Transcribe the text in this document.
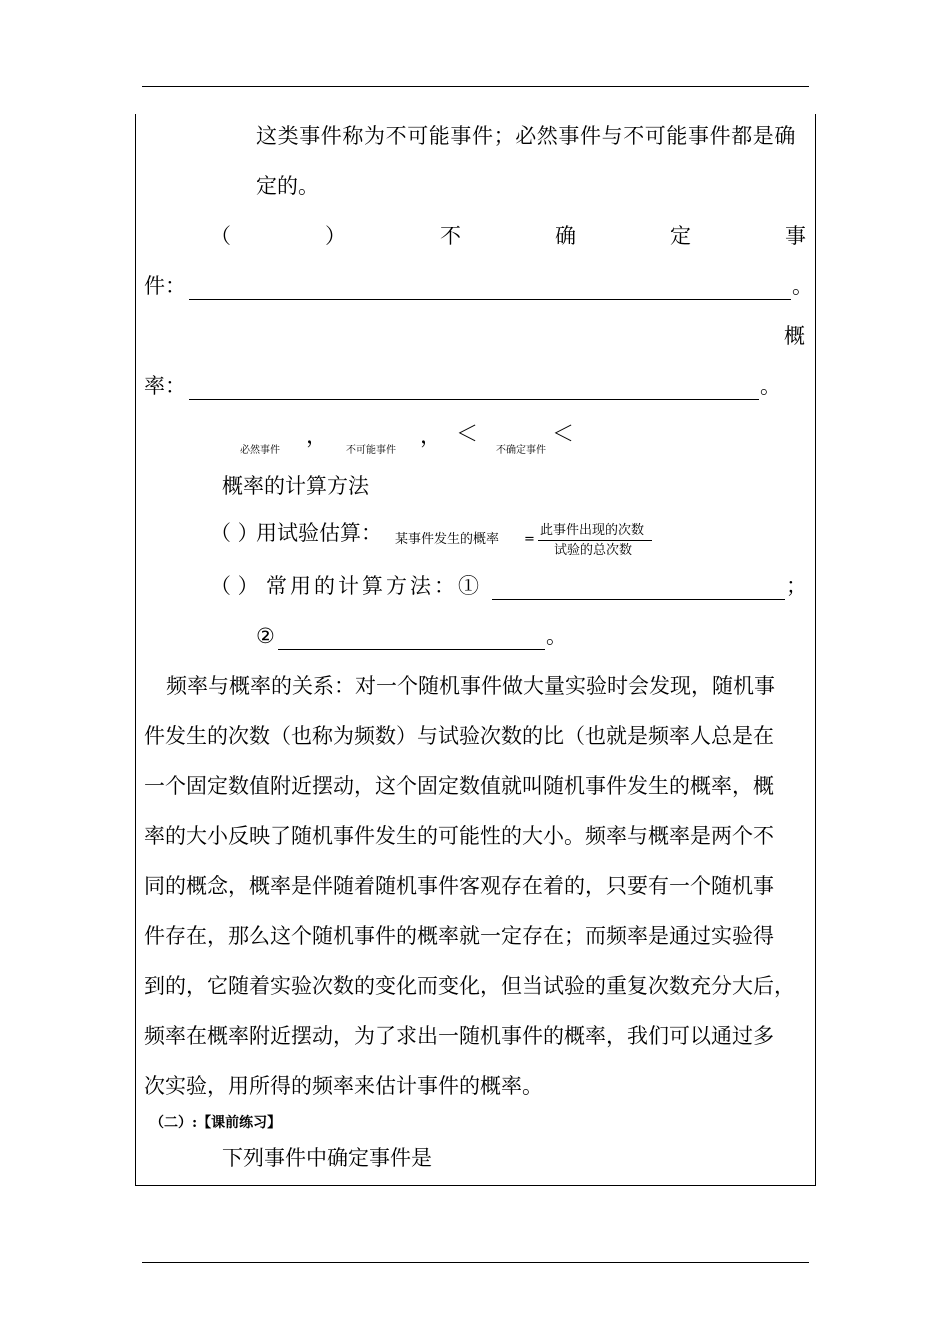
这类事件称为不可能事件；必然事件与不可能事件都是确
定的。
（	）	不	确	定	事
件：	。
概
率：	。
必然事件
，
不可能事件
， ＜
不确定事件
＜
概率的计算方法
（ ）
用试验估算： 某事件发生的概率 =
此事件出现的次数
试验的总次数
（ ） 常用的计算方法：①	；
②	。
频率与概率的关系：对一个随机事件做大量实验时会发现，随机事
件发生的次数（也称为频数）与试验次数的比（也就是频率人总是在
一个固定数值附近摆动，这个固定数值就叫随机事件发生的概率，概
率的大小反映了随机事件发生的可能性的大小。频率与概率是两个不
同的概念，概率是伴随着随机事件客观存在着的，只要有一个随机事
件存在，那么这个随机事件的概率就一定存在；而频率是通过实验得
到的，它随着实验次数的变化而变化，但当试验的重复次数充分大后，
频率在概率附近摆动，为了求出一随机事件的概率，我们可以通过多
次实验，用所得的频率来估计事件的概率。
（二）:【课前练习】
下列事件中确定事件是
